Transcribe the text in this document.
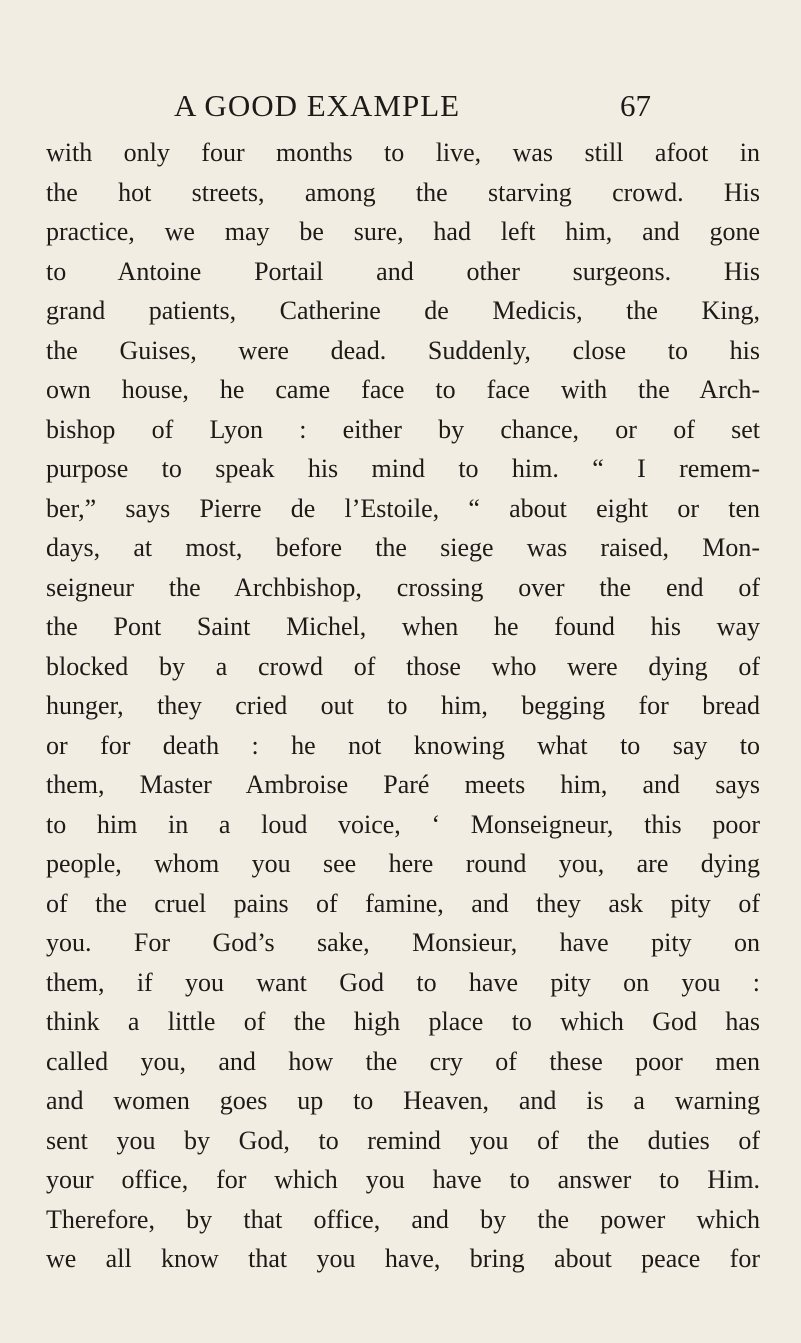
A GOOD EXAMPLE	67
with only four months to live, was still afoot in
the hot streets, among the starving crowd. His
practice, we may be sure, had left him, and gone
to Antoine Portail and other surgeons. His
grand patients, Catherine de Medicis, the King,
the Guises, were dead. Suddenly, close to his
own house, he came face to face with the Arch-
bishop of Lyon : either by chance, or of set
purpose to speak his mind to him. “ I remem-
ber,” says Pierre de l’Estoile, “ about eight or ten
days, at most, before the siege was raised, Mon-
seigneur the Archbishop, crossing over the end of
the Pont Saint Michel, when he found his way
blocked by a crowd of those who were dying of
hunger, they cried out to him, begging for bread
or for death : he not knowing what to say to
them, Master Ambroise Paré meets him, and says
to him in a loud voice, ‘ Monseigneur, this poor
people, whom you see here round you, are dying
of the cruel pains of famine, and they ask pity of
you. For God’s sake, Monsieur, have pity on
them, if you want God to have pity on you :
think a little of the high place to which God has
called you, and how the cry of these poor men
and women goes up to Heaven, and is a warning
sent you by God, to remind you of the duties of
your office, for which you have to answer to Him.
Therefore, by that office, and by the power which
we all know that you have, bring about peace for
